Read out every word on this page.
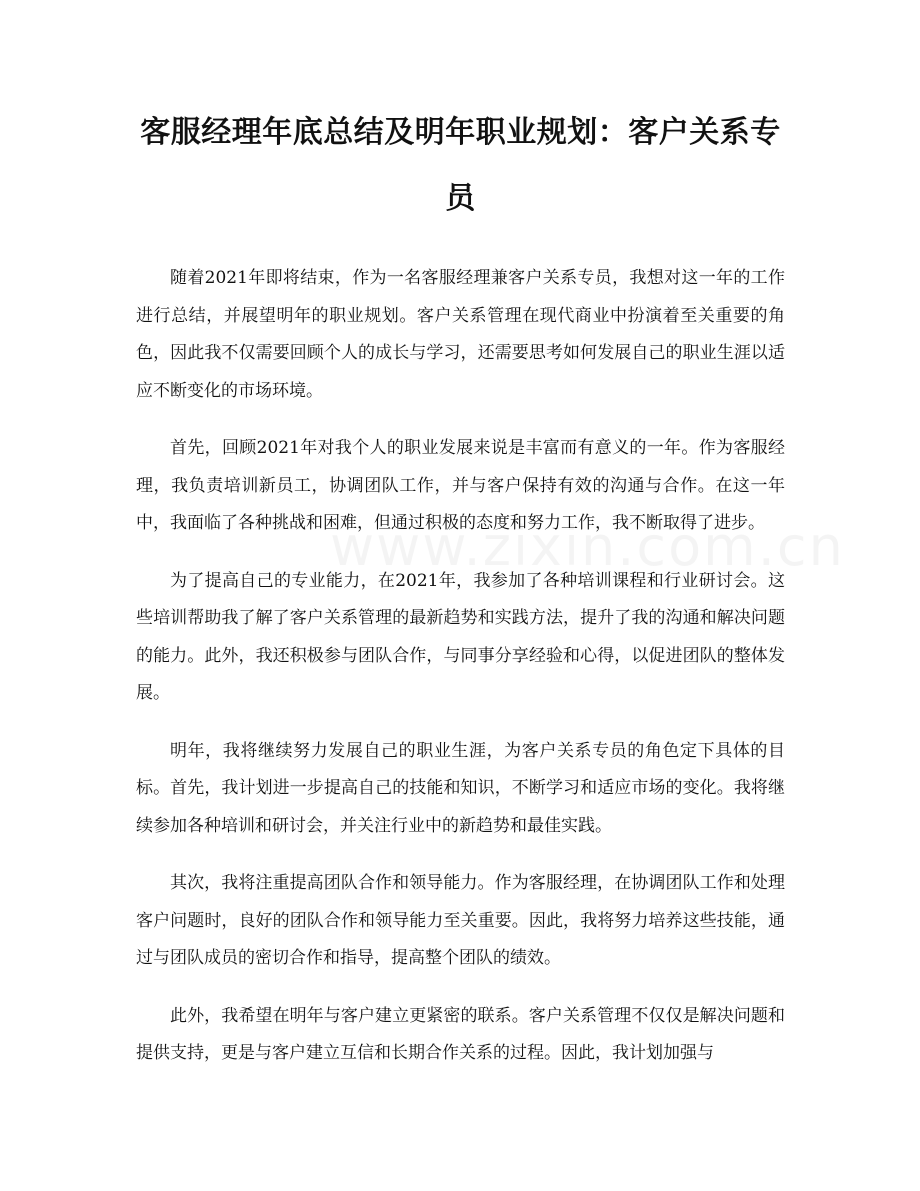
客服经理年底总结及明年职业规划：客户关系专员

随着2021年即将结束，作为一名客服经理兼客户关系专员，我想对这一年的工作进行总结，并展望明年的职业规划。客户关系管理在现代商业中扮演着至关重要的角色，因此我不仅需要回顾个人的成长与学习，还需要思考如何发展自己的职业生涯以适应不断变化的市场环境。

首先，回顾2021年对我个人的职业发展来说是丰富而有意义的一年。作为客服经理，我负责培训新员工，协调团队工作，并与客户保持有效的沟通与合作。在这一年中，我面临了各种挑战和困难，但通过积极的态度和努力工作，我不断取得了进步。

为了提高自己的专业能力，在2021年，我参加了各种培训课程和行业研讨会。这些培训帮助我了解了客户关系管理的最新趋势和实践方法，提升了我的沟通和解决问题的能力。此外，我还积极参与团队合作，与同事分享经验和心得，以促进团队的整体发展。

明年，我将继续努力发展自己的职业生涯，为客户关系专员的角色定下具体的目标。首先，我计划进一步提高自己的技能和知识，不断学习和适应市场的变化。我将继续参加各种培训和研讨会，并关注行业中的新趋势和最佳实践。

其次，我将注重提高团队合作和领导能力。作为客服经理，在协调团队工作和处理客户问题时，良好的团队合作和领导能力至关重要。因此，我将努力培养这些技能，通过与团队成员的密切合作和指导，提高整个团队的绩效。

此外，我希望在明年与客户建立更紧密的联系。客户关系管理不仅仅是解决问题和提供支持，更是与客户建立互信和长期合作关系的过程。因此，我计划加强与
